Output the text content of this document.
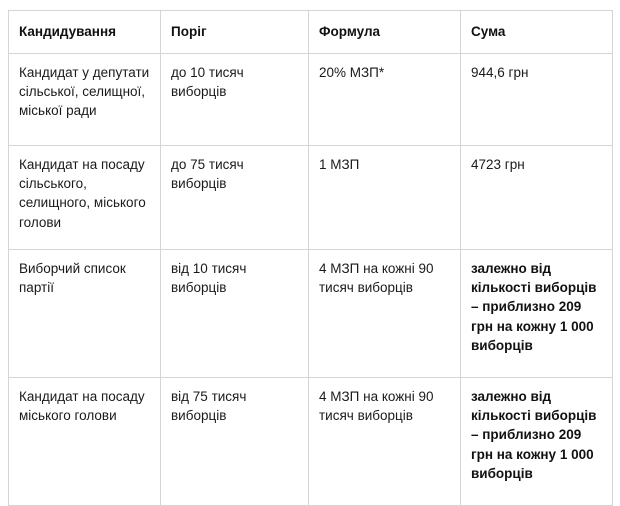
Кандидування	Поріг	Формула	Сума
Кандидат у депутати сільської, селищної, міської ради	до 10 тисяч виборців	20% МЗП*	944,6 грн
Кандидат на посаду сільського, селищного, міського голови	до 75 тисяч виборців	1 МЗП	4723 грн
Виборчий список партії	від 10 тисяч виборців	4 МЗП на кожні 90 тисяч виборців	залежно від кількості виборців – приблизно 209 грн на кожну 1 000 виборців
Кандидат на посаду міського голови	від 75 тисяч виборців	4 МЗП на кожні 90 тисяч виборців	залежно від кількості виборців – приблизно 209 грн на кожну 1 000 виборців
